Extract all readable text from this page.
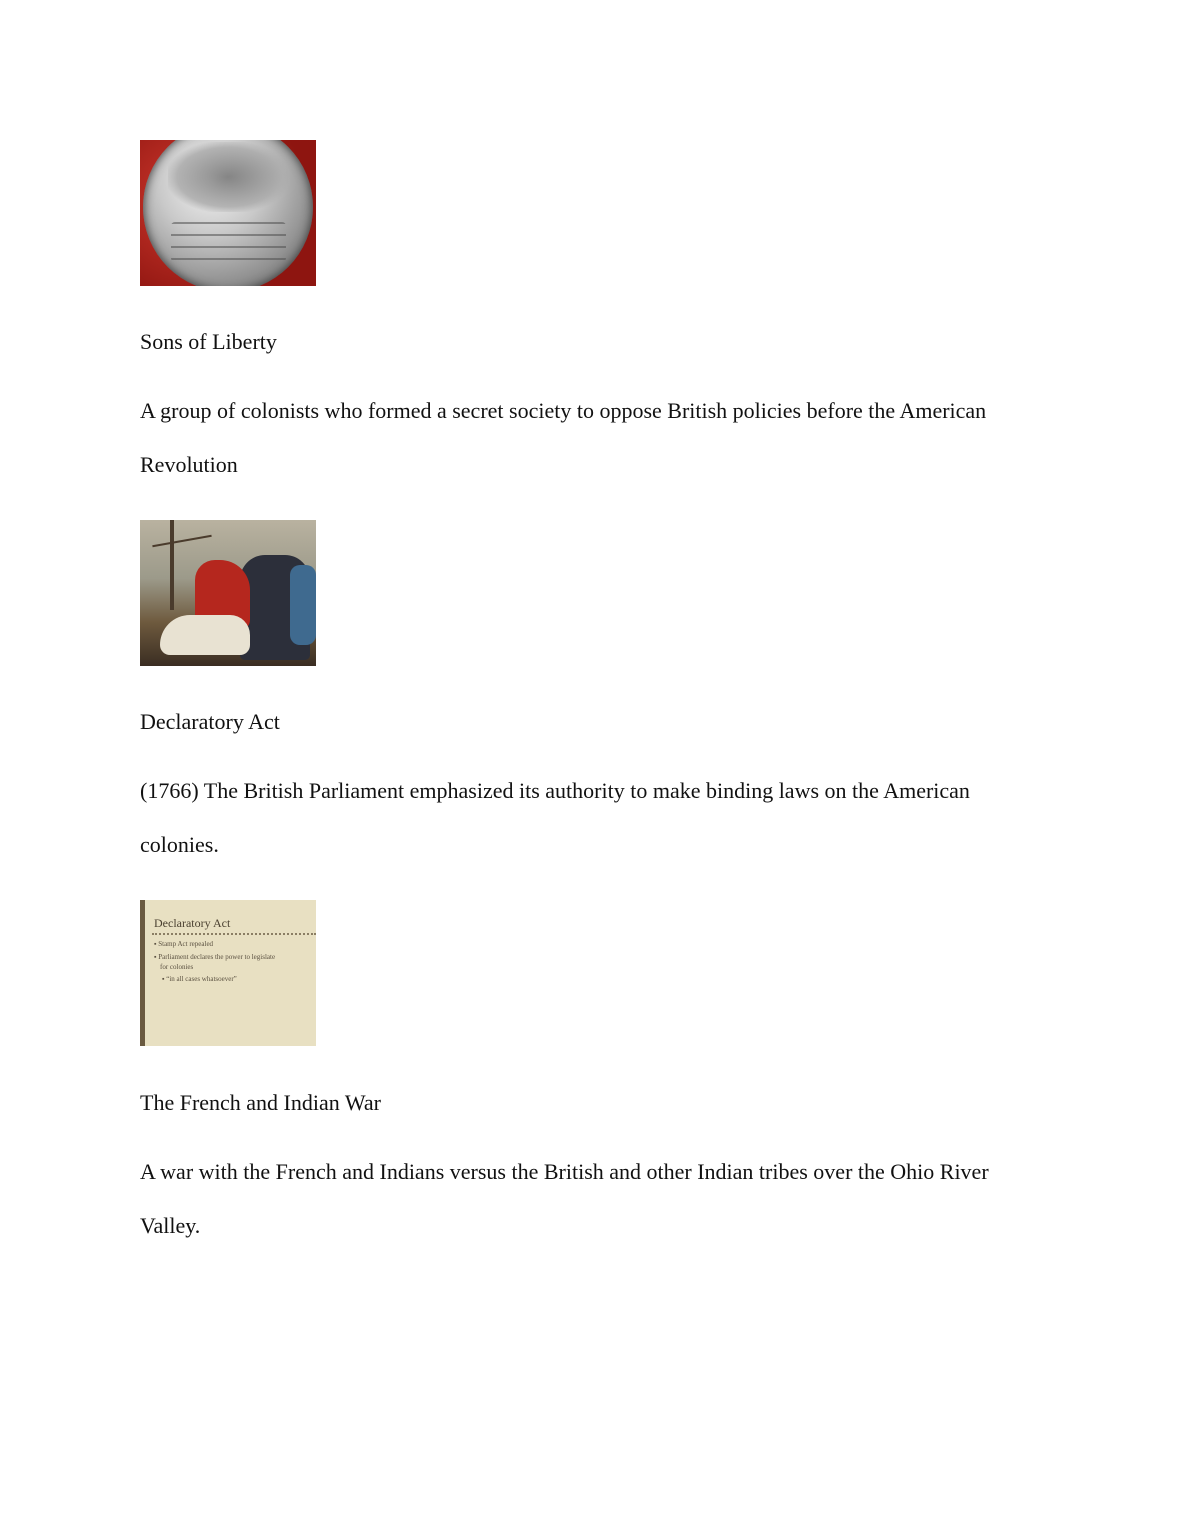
Sons of Liberty
A group of colonists who formed a secret society to oppose British policies before the American
Revolution
Declaratory Act
(1766) The British Parliament emphasized its authority to make binding laws on the American
colonies.
Declaratory Act
▪ Stamp Act repealed
▪ Parliament declares the power to legislate
for colonies
▪ “in all cases whatsoever”
The French and Indian War
A war with the French and Indians versus the British and other Indian tribes over the Ohio River
Valley.
